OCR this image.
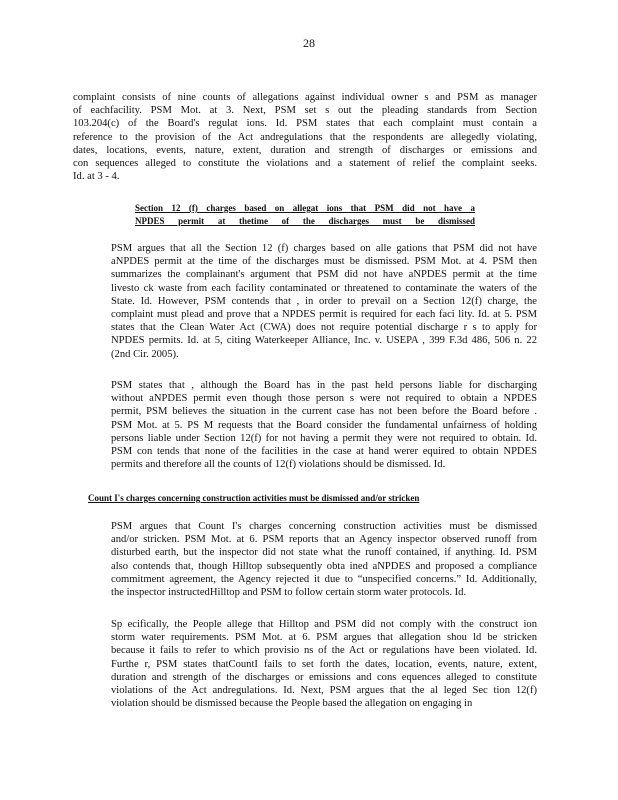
28
complaint consists of nine counts of allegations against individual owner s and PSM as manager
of eachfacility. PSM Mot. at 3. Next, PSM set s out the pleading standards from Section
103.204(c) of the Board's regulat ions. Id. PSM states that each complaint must contain a
reference to the provision of the Act andregulations that the respondents are allegedly violating,
dates, locations, events, nature, extent, duration and strength of discharges or emissions and
con sequences alleged to constitute the violations and a statement of relief the complaint seeks.
Id. at 3 - 4.
Section 12 (f) charges based on allegat ions that PSM did not have a
NPDES permit at thetime of the discharges must be dismissed
PSM argues that all the Section 12 (f) charges based on alle gations that PSM did not have
aNPDES permit at the time of the discharges must be dismissed. PSM Mot. at 4. PSM then
summarizes the complainant's argument that PSM did not have aNPDES permit at the time
livesto ck waste from each facility contaminated or threatened to contaminate the waters of the
State. Id. However, PSM contends that , in order to prevail on a Section 12(f) charge, the
complaint must plead and prove that a NPDES permit is required for each faci lity. Id. at 5. PSM
states that the Clean Water Act (CWA) does not require potential discharge r s to apply for
NPDES permits. Id. at 5, citing Waterkeeper Alliance, Inc. v. USEPA , 399 F.3d 486, 506 n. 22
(2nd Cir. 2005).
PSM states that , although the Board has in the past held persons liable for discharging
without aNPDES permit even though those person s were not required to obtain a NPDES
permit, PSM believes the situation in the current case has not been before the Board before .
PSM Mot. at 5. PS M requests that the Board consider the fundamental unfairness of holding
persons liable under Section 12(f) for not having a permit they were not required to obtain. Id.
PSM con tends that none of the facilities in the case at hand werer equired to obtain NPDES
permits and therefore all the counts of 12(f) violations should be dismissed. Id.
Count I's charges concerning construction activities must be dismissed and/or stricken
PSM argues that Count I's charges concerning construction activities must be dismissed
and/or stricken. PSM Mot. at 6. PSM reports that an Agency inspector observed runoff from
disturbed earth, but the inspector did not state what the runoff contained, if anything. Id. PSM
also contends that, though Hilltop subsequently obta ined aNPDES and proposed a compliance
commitment agreement, the Agency rejected it due to “unspecified concerns.” Id. Additionally,
the inspector instructedHilltop and PSM to follow certain storm water protocols. Id.
Sp ecifically, the People allege that Hilltop and PSM did not comply with the construct ion
storm water requirements. PSM Mot. at 6. PSM argues that allegation shou ld be stricken
because it fails to refer to which provisio ns of the Act or regulations have been violated. Id.
Furthe r, PSM states thatCountI fails to set forth the dates, location, events, nature, extent,
duration and strength of the discharges or emissions and cons equences alleged to constitute
violations of the Act andregulations. Id. Next, PSM argues that the al leged Sec tion 12(f)
violation should be dismissed because the People based the allegation on engaging in
